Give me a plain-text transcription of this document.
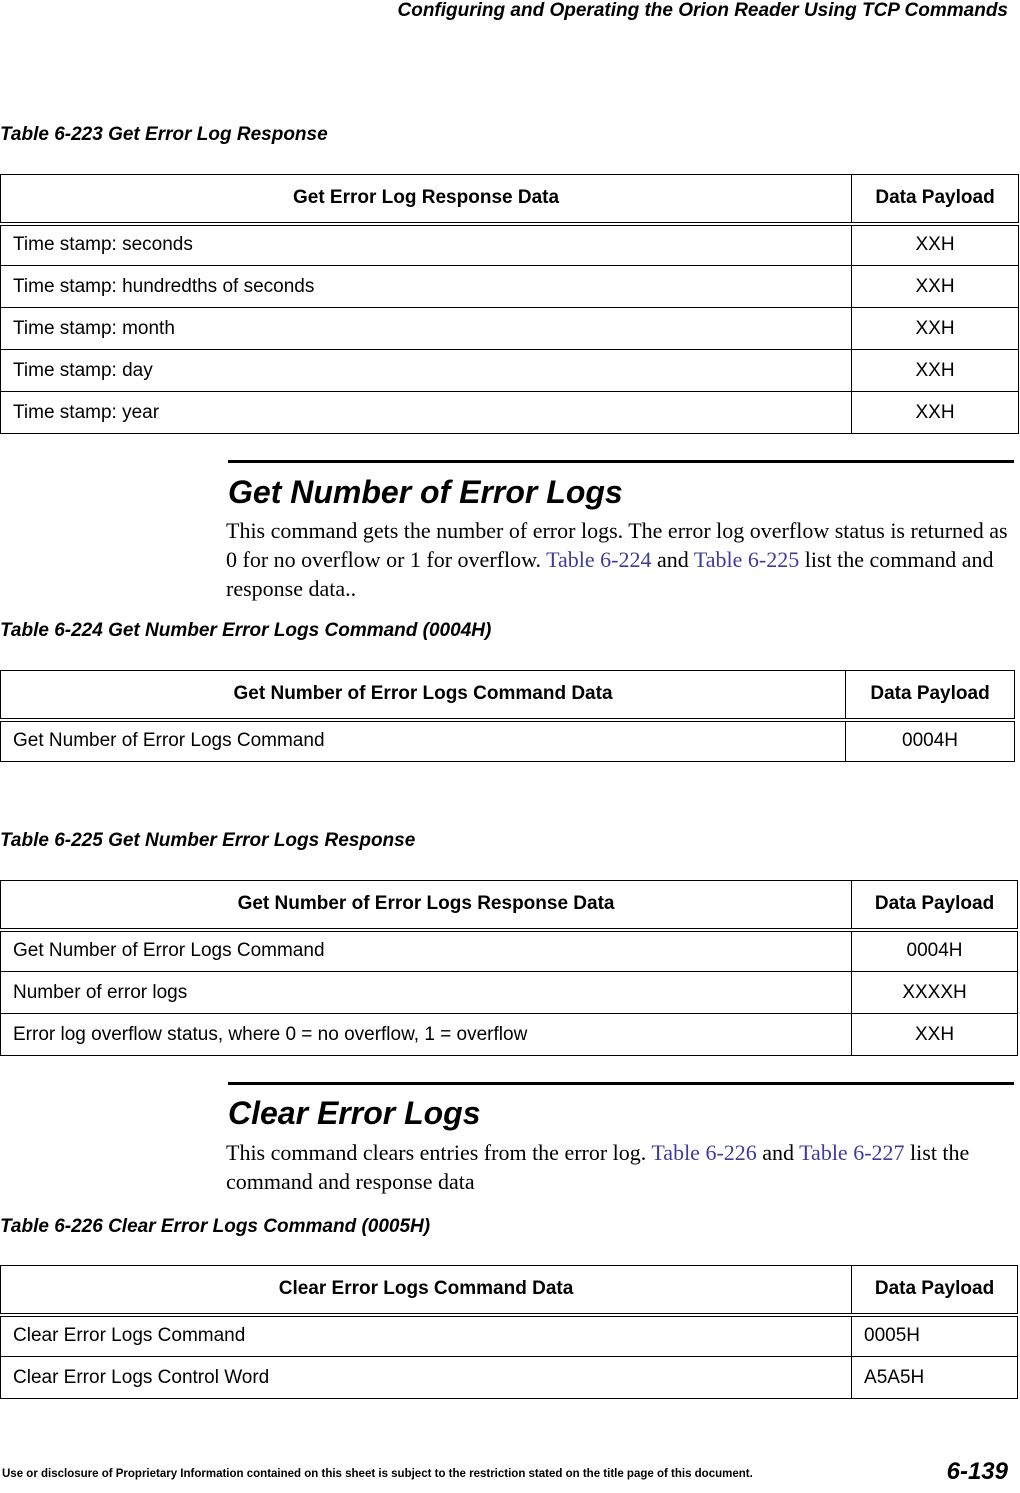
Configuring and Operating the Orion Reader Using TCP Commands
Table 6-223 Get Error Log Response
Get Error Log Response Data	Data Payload
Time stamp: seconds	XXH
Time stamp: hundredths of seconds	XXH
Time stamp: month	XXH
Time stamp: day	XXH
Time stamp: year	XXH
Get Number of Error Logs
This command gets the number of error logs. The error log overflow status is returned as 0 for no overflow or 1 for overflow. Table 6-224 and Table 6-225 list the command and response data..
Table 6-224 Get Number Error Logs Command (0004H)
Get Number of Error Logs Command Data	Data Payload
Get Number of Error Logs Command	0004H
Table 6-225 Get Number Error Logs Response
Get Number of Error Logs Response Data	Data Payload
Get Number of Error Logs Command	0004H
Number of error logs	XXXXH
Error log overflow status, where 0 = no overflow, 1 = overflow	XXH
Clear Error Logs
This command clears entries from the error log. Table 6-226 and Table 6-227 list the command and response data
Table 6-226 Clear Error Logs Command (0005H)
Clear Error Logs Command Data	Data Payload
Clear Error Logs Command	0005H
Clear Error Logs Control Word	A5A5H
Use or disclosure of Proprietary Information contained on this sheet is subject to the restriction stated on the title page of this document.	6-139
